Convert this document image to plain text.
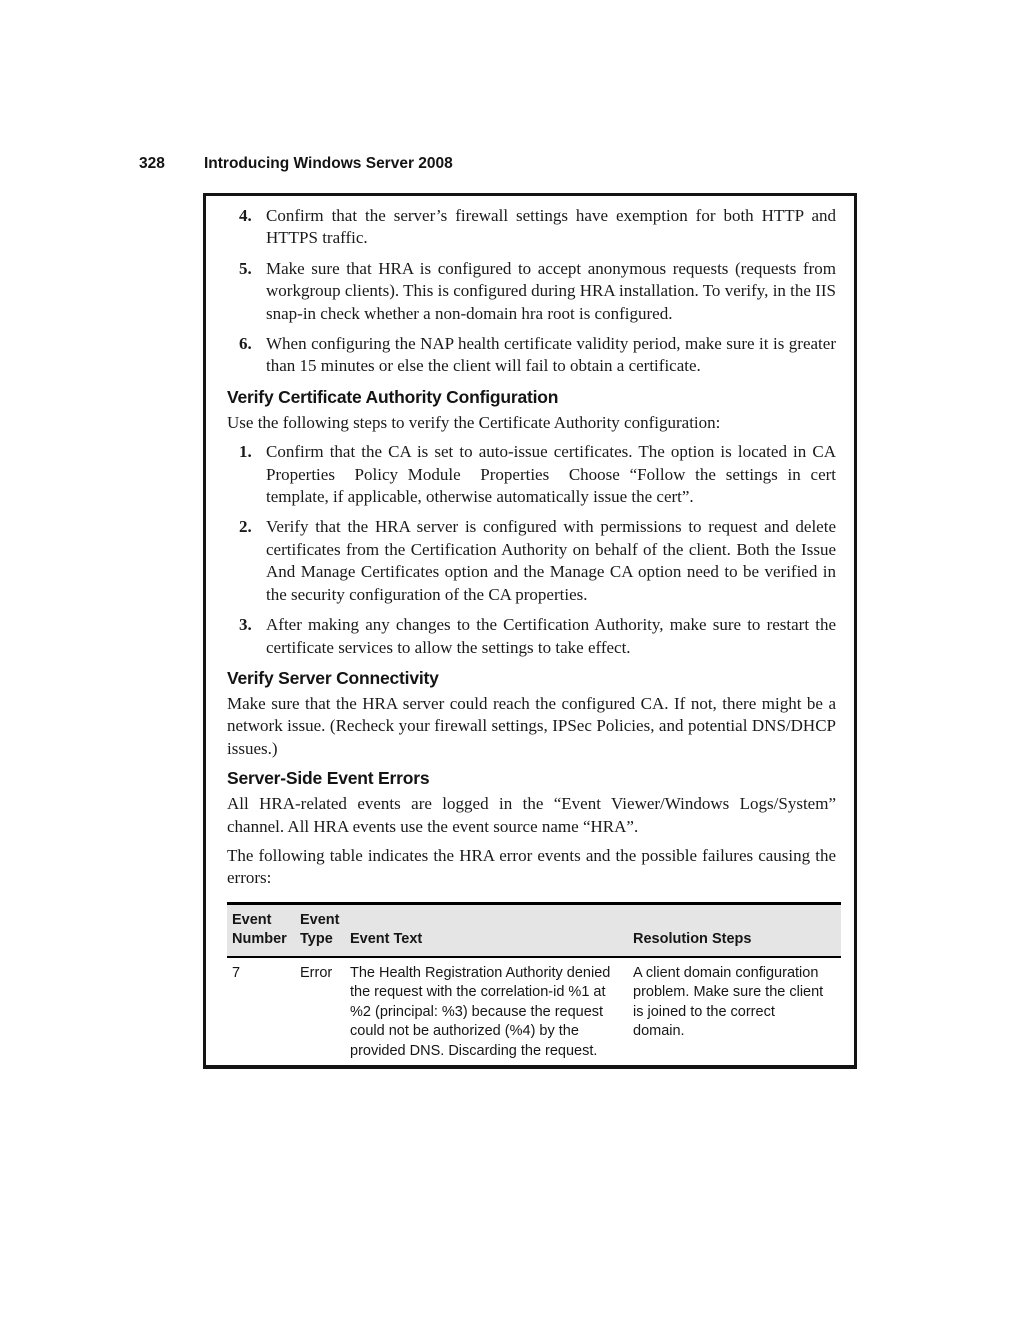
328	Introducing Windows Server 2008
4. Confirm that the server’s firewall settings have exemption for both HTTP and HTTPS traffic.
5. Make sure that HRA is configured to accept anonymous requests (requests from workgroup clients). This is configured during HRA installation. To verify, in the IIS snap-in check whether a non-domain hra root is configured.
6. When configuring the NAP health certificate validity period, make sure it is greater than 15 minutes or else the client will fail to obtain a certificate.
Verify Certificate Authority Configuration

Use the following steps to verify the Certificate Authority configuration:

1. Confirm that the CA is set to auto-issue certificates. The option is located in CA Properties  Policy Module  Properties  Choose “Follow the settings in cert template, if applicable, otherwise automatically issue the cert”.
2. Verify that the HRA server is configured with permissions to request and delete certificates from the Certification Authority on behalf of the client. Both the Issue And Manage Certificates option and the Manage CA option need to be verified in the security configuration of the CA properties.
3. After making any changes to the Certification Authority, make sure to restart the certificate services to allow the settings to take effect.
Verify Server Connectivity

Make sure that the HRA server could reach the configured CA. If not, there might be a network issue. (Recheck your firewall settings, IPSec Policies, and potential DNS/DHCP issues.)

Server-Side Event Errors

All HRA-related events are logged in the “Event Viewer/Windows Logs/System” channel. All HRA events use the event source name “HRA”.

The following table indicates the HRA error events and the possible failures causing the errors:

Event Number	Event Type	Event Text	Resolution Steps
7	Error	The Health Registration Authority denied the request with the correlation-id %1 at %2 (principal: %3) because the request could not be authorized (%4) by the provided DNS. Discarding the request.	A client domain configuration problem. Make sure the client is joined to the correct domain.
